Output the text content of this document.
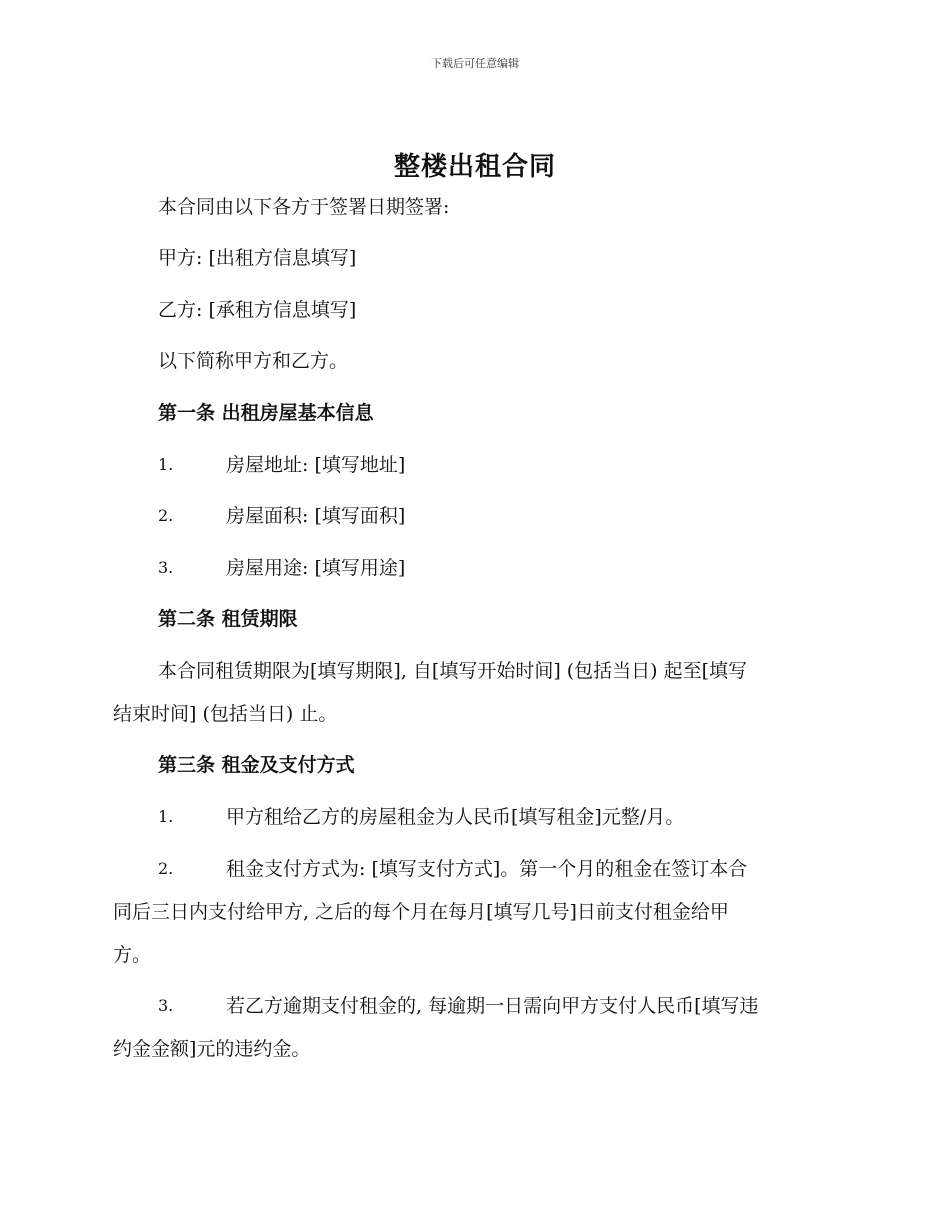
下载后可任意编辑
整楼出租合同
本合同由以下各方于签署日期签署:
甲方: [出租方信息填写]
乙方: [承租方信息填写]
以下简称甲方和乙方。
第一条 出租房屋基本信息
1.	房屋地址: [填写地址]
2.	房屋面积: [填写面积]
3.	房屋用途: [填写用途]
第二条 租赁期限
本合同租赁期限为[填写期限], 自[填写开始时间] (包括当日) 起至[填写
结束时间] (包括当日) 止。
第三条 租金及支付方式
1.	甲方租给乙方的房屋租金为人民币[填写租金]元整/月。
2.	租金支付方式为: [填写支付方式]。第一个月的租金在签订本合
同后三日内支付给甲方, 之后的每个月在每月[填写几号]日前支付租金给甲
方。
3.	若乙方逾期支付租金的, 每逾期一日需向甲方支付人民币[填写违
约金金额]元的违约金。
